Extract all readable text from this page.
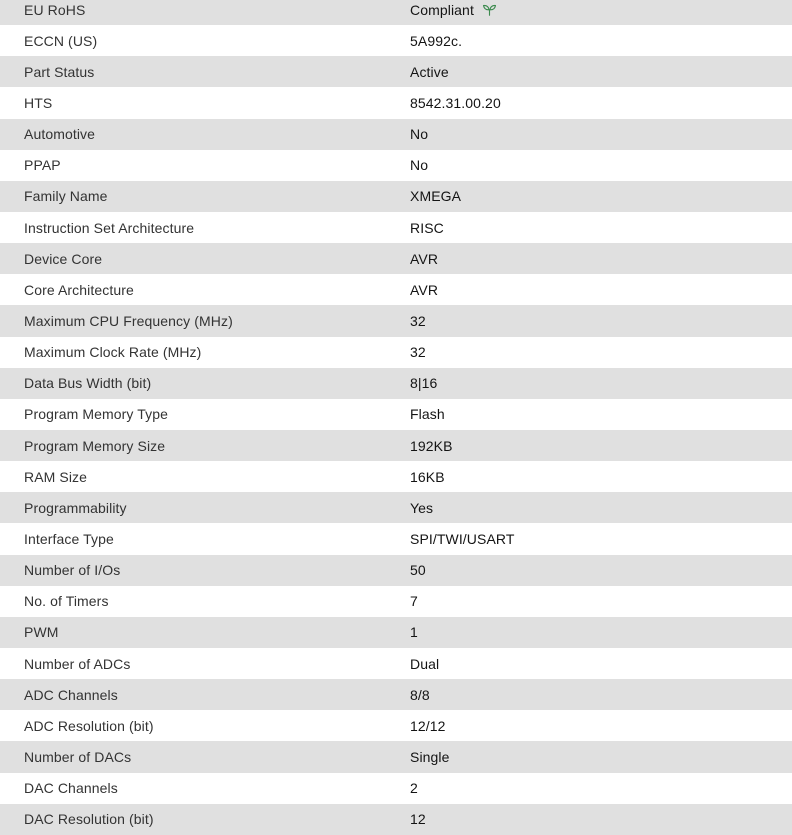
EU RoHS	Compliant
ECCN (US)	5A992c.
Part Status	Active
HTS	8542.31.00.20
Automotive	No
PPAP	No
Family Name	XMEGA
Instruction Set Architecture	RISC
Device Core	AVR
Core Architecture	AVR
Maximum CPU Frequency (MHz)	32
Maximum Clock Rate (MHz)	32
Data Bus Width (bit)	8|16
Program Memory Type	Flash
Program Memory Size	192KB
RAM Size	16KB
Programmability	Yes
Interface Type	SPI/TWI/USART
Number of I/Os	50
No. of Timers	7
PWM	1
Number of ADCs	Dual
ADC Channels	8/8
ADC Resolution (bit)	12/12
Number of DACs	Single
DAC Channels	2
DAC Resolution (bit)	12
